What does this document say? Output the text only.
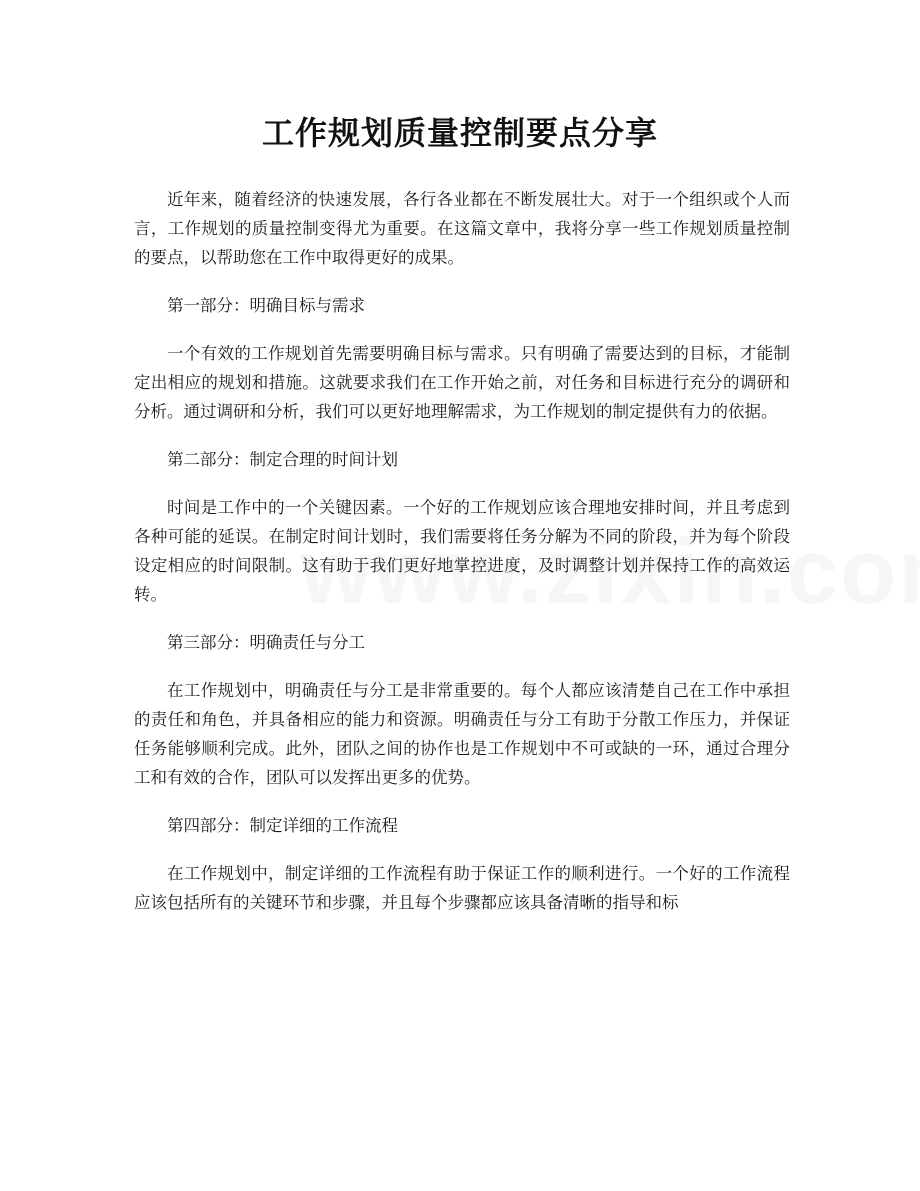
工作规划质量控制要点分享

近年来，随着经济的快速发展，各行各业都在不断发展壮大。对于一个组织或个人而言，工作规划的质量控制变得尤为重要。在这篇文章中，我将分享一些工作规划质量控制的要点，以帮助您在工作中取得更好的成果。

第一部分：明确目标与需求

一个有效的工作规划首先需要明确目标与需求。只有明确了需要达到的目标，才能制定出相应的规划和措施。这就要求我们在工作开始之前，对任务和目标进行充分的调研和分析。通过调研和分析，我们可以更好地理解需求，为工作规划的制定提供有力的依据。

第二部分：制定合理的时间计划

时间是工作中的一个关键因素。一个好的工作规划应该合理地安排时间，并且考虑到各种可能的延误。在制定时间计划时，我们需要将任务分解为不同的阶段，并为每个阶段设定相应的时间限制。这有助于我们更好地掌控进度，及时调整计划并保持工作的高效运转。

第三部分：明确责任与分工

在工作规划中，明确责任与分工是非常重要的。每个人都应该清楚自己在工作中承担的责任和角色，并具备相应的能力和资源。明确责任与分工有助于分散工作压力，并保证任务能够顺利完成。此外，团队之间的协作也是工作规划中不可或缺的一环，通过合理分工和有效的合作，团队可以发挥出更多的优势。

第四部分：制定详细的工作流程

在工作规划中，制定详细的工作流程有助于保证工作的顺利进行。一个好的工作流程应该包括所有的关键环节和步骤，并且每个步骤都应该具备清晰的指导和标
